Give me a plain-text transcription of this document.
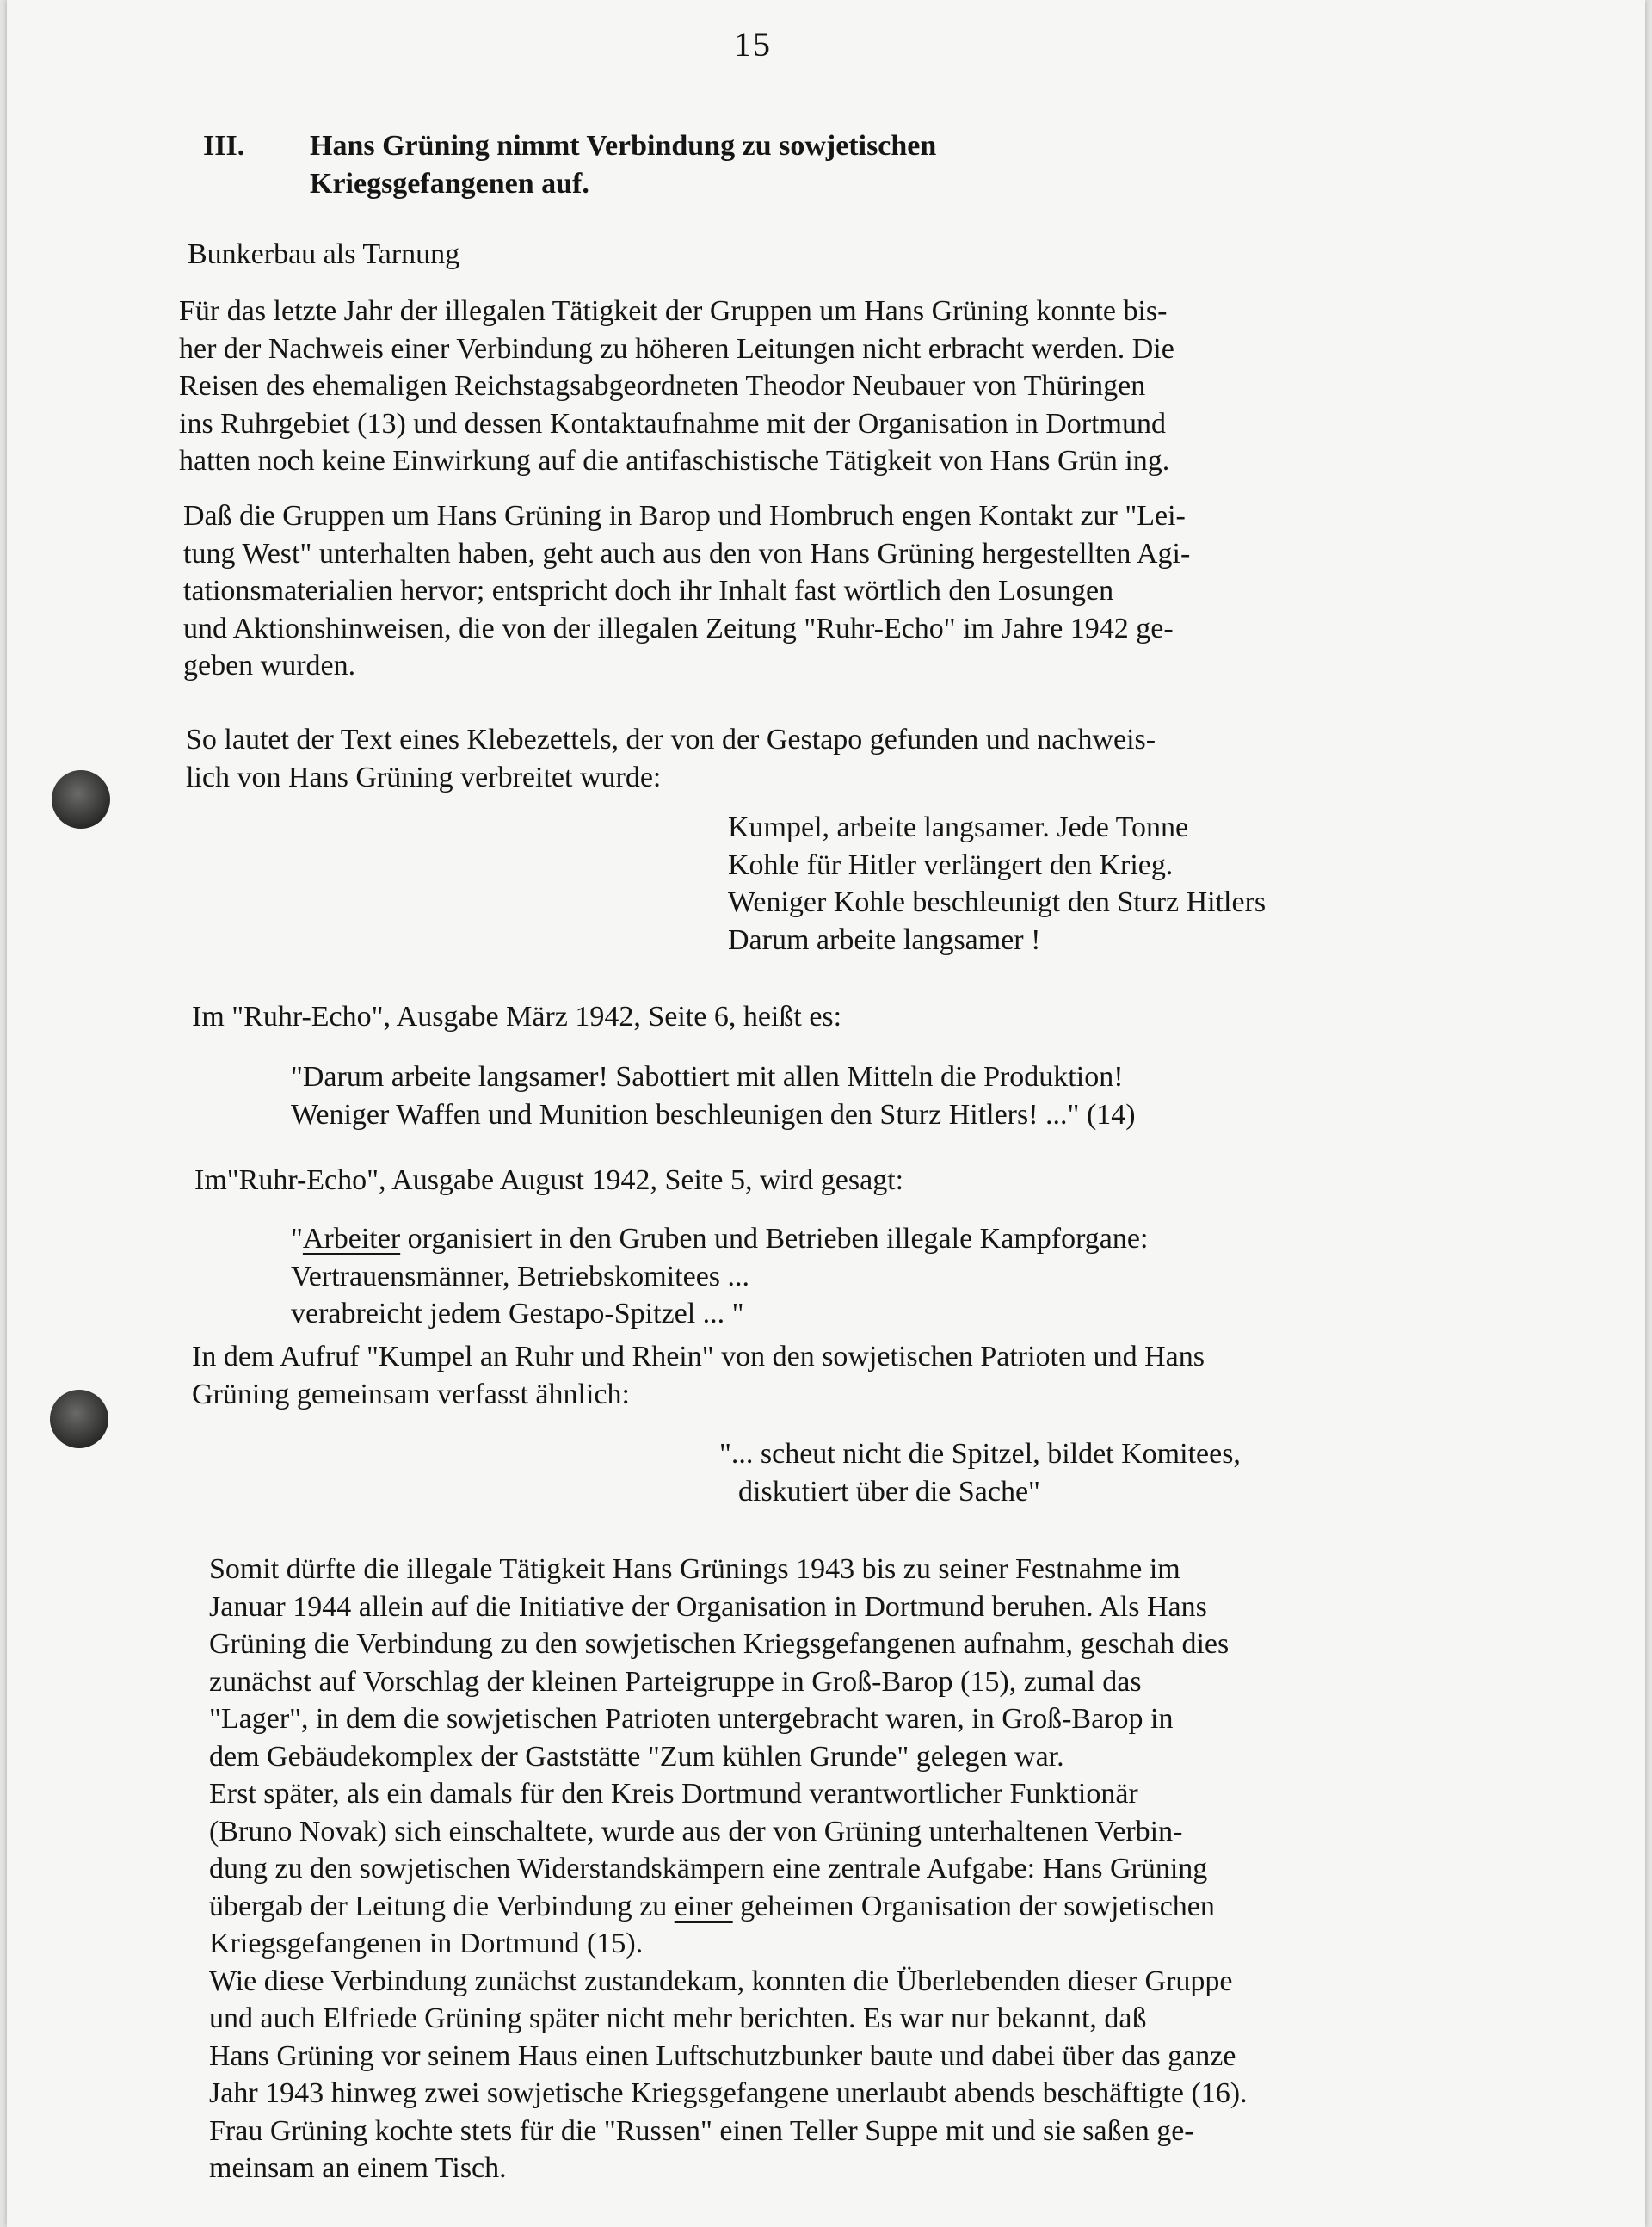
15
III. Hans Grüning nimmt Verbindung zu sowjetischen
Kriegsgefangenen auf.
Bunkerbau als Tarnung
Für das letzte Jahr der illegalen Tätigkeit der Gruppen um Hans Grüning konnte bis-
her der Nachweis einer Verbindung zu höheren Leitungen nicht erbracht werden. Die
Reisen des ehemaligen Reichstagsabgeordneten Theodor Neubauer von Thüringen
ins Ruhrgebiet (13) und dessen Kontaktaufnahme mit der Organisation in Dortmund
hatten noch keine Einwirkung auf die antifaschistische Tätigkeit von Hans Grün ing.
Daß die Gruppen um Hans Grüning in Barop und Hombruch engen Kontakt zur "Lei-
tung West" unterhalten haben, geht auch aus den von Hans Grüning hergestellten Agi-
tationsmaterialien hervor; entspricht doch ihr Inhalt fast wörtlich den Losungen
und Aktionshinweisen, die von der illegalen Zeitung "Ruhr-Echo" im Jahre 1942 ge-
geben wurden.
So lautet der Text eines Klebezettels, der von der Gestapo gefunden und nachweis-
lich von Hans Grüning verbreitet wurde:
Kumpel, arbeite langsamer. Jede Tonne
Kohle für Hitler verlängert den Krieg.
Weniger Kohle beschleunigt den Sturz Hitlers
Darum arbeite langsamer !
Im "Ruhr-Echo", Ausgabe März 1942, Seite 6, heißt es:
"Darum arbeite langsamer! Sabottiert mit allen Mitteln die Produktion!
Weniger Waffen und Munition beschleunigen den Sturz Hitlers! ..." (14)
Im"Ruhr-Echo", Ausgabe August 1942, Seite 5, wird gesagt:
"Arbeiter organisiert in den Gruben und Betrieben illegale Kampforgane:
Vertrauensmänner, Betriebskomitees ...
verabreicht jedem Gestapo-Spitzel ... "
In dem Aufruf "Kumpel an Ruhr und Rhein" von den sowjetischen Patrioten und Hans
Grüning gemeinsam verfasst ähnlich:
"... scheut nicht die Spitzel, bildet Komitees,
diskutiert über die Sache"
Somit dürfte die illegale Tätigkeit Hans Grünings 1943 bis zu seiner Festnahme im
Januar 1944 allein auf die Initiative der Organisation in Dortmund beruhen. Als Hans
Grüning die Verbindung zu den sowjetischen Kriegsgefangenen aufnahm, geschah dies
zunächst auf Vorschlag der kleinen Parteigruppe in Groß-Barop (15), zumal das
"Lager", in dem die sowjetischen Patrioten untergebracht waren, in Groß-Barop in
dem Gebäudekomplex der Gaststätte "Zum kühlen Grunde" gelegen war.
Erst später, als ein damals für den Kreis Dortmund verantwortlicher Funktionär
(Bruno Novak) sich einschaltete, wurde aus der von Grüning unterhaltenen Verbin-
dung zu den sowjetischen Widerstandskämpern eine zentrale Aufgabe: Hans Grüning
übergab der Leitung die Verbindung zu einer geheimen Organisation der sowjetischen
Kriegsgefangenen in Dortmund (15).
Wie diese Verbindung zunächst zustandekam, konnten die Überlebenden dieser Gruppe
und auch Elfriede Grüning später nicht mehr berichten. Es war nur bekannt, daß
Hans Grüning vor seinem Haus einen Luftschutzbunker baute und dabei über das ganze
Jahr 1943 hinweg zwei sowjetische Kriegsgefangene unerlaubt abends beschäftigte (16).
Frau Grüning kochte stets für die "Russen" einen Teller Suppe mit und sie saßen ge-
meinsam an einem Tisch.
